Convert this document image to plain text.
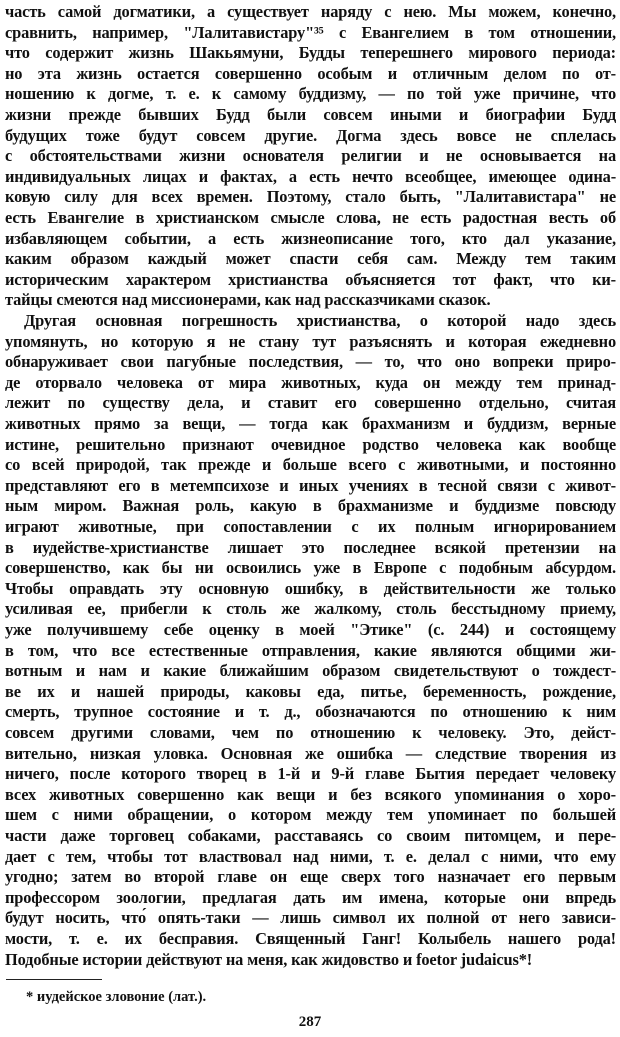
часть самой догматики, а существует наряду с нею. Мы можем, конечно,
сравнить, например, "Лалитавистару"³⁵ с Евангелием в том отношении,
что содержит жизнь Шакьямуни, Будды теперешнего мирового периода:
но эта жизнь остается совершенно особым и отличным делом по от-
ношению к догме, т. е. к самому буддизму, — по той уже причине, что
жизни прежде бывших Будд были совсем иными и биографии Будд
будущих тоже будут совсем другие. Догма здесь вовсе не сплелась
с обстоятельствами жизни основателя религии и не основывается на
индивидуальных лицах и фактах, а есть нечто всеобщее, имеющее одина-
ковую силу для всех времен. Поэтому, стало быть, "Лалитавистара" не
есть Евангелие в христианском смысле слова, не есть радостная весть об
избавляющем событии, а есть жизнеописание того, кто дал указание,
каким образом каждый может спасти себя сам. Между тем таким
историческим характером христианства объясняется тот факт, что ки-
тайцы смеются над миссионерами, как над рассказчиками сказок.
Другая основная погрешность христианства, о которой надо здесь
упомянуть, но которую я не стану тут разъяснять и которая ежедневно
обнаруживает свои пагубные последствия, — то, что оно вопреки приро-
де оторвало человека от мира животных, куда он между тем принад-
лежит по существу дела, и ставит его совершенно отдельно, считая
животных прямо за вещи, — тогда как брахманизм и буддизм, верные
истине, решительно признают очевидное родство человека как вообще
со всей природой, так прежде и больше всего с животными, и постоянно
представляют его в метемпсихозе и иных учениях в тесной связи с живот-
ным миром. Важная роль, какую в брахманизме и буддизме повсюду
играют животные, при сопоставлении с их полным игнорированием
в иудействе-христианстве лишает это последнее всякой претензии на
совершенство, как бы ни освоились уже в Европе с подобным абсурдом.
Чтобы оправдать эту основную ошибку, в действительности же только
усиливая ее, прибегли к столь же жалкому, столь бесстыдному приему,
уже получившему себе оценку в моей "Этике" (с. 244) и состоящему
в том, что все естественные отправления, какие являются общими жи-
вотным и нам и какие ближайшим образом свидетельствуют о тождест-
ве их и нашей природы, каковы еда, питье, беременность, рождение,
смерть, трупное состояние и т. д., обозначаются по отношению к ним
совсем другими словами, чем по отношению к человеку. Это, дейст-
вительно, низкая уловка. Основная же ошибка — следствие творения из
ничего, после которого творец в 1-й и 9-й главе Бытия передает человеку
всех животных совершенно как вещи и без всякого упоминания о хоро-
шем с ними обращении, о котором между тем упоминает по большей
части даже торговец собаками, расставаясь со своим питомцем, и пере-
дает с тем, чтобы тот властвовал над ними, т. е. делал с ними, что ему
угодно; затем во второй главе он еще сверх того назначает его первым
профессором зоологии, предлагая дать им имена, которые они впредь
будут носить, что́ опять-таки — лишь символ их полной от него зависи-
мости, т. е. их бесправия. Священный Ганг! Колыбель нашего рода!
Подобные истории действуют на меня, как жидовство и foetor judaicus*!
* иудейское зловоние (лат.).
287
